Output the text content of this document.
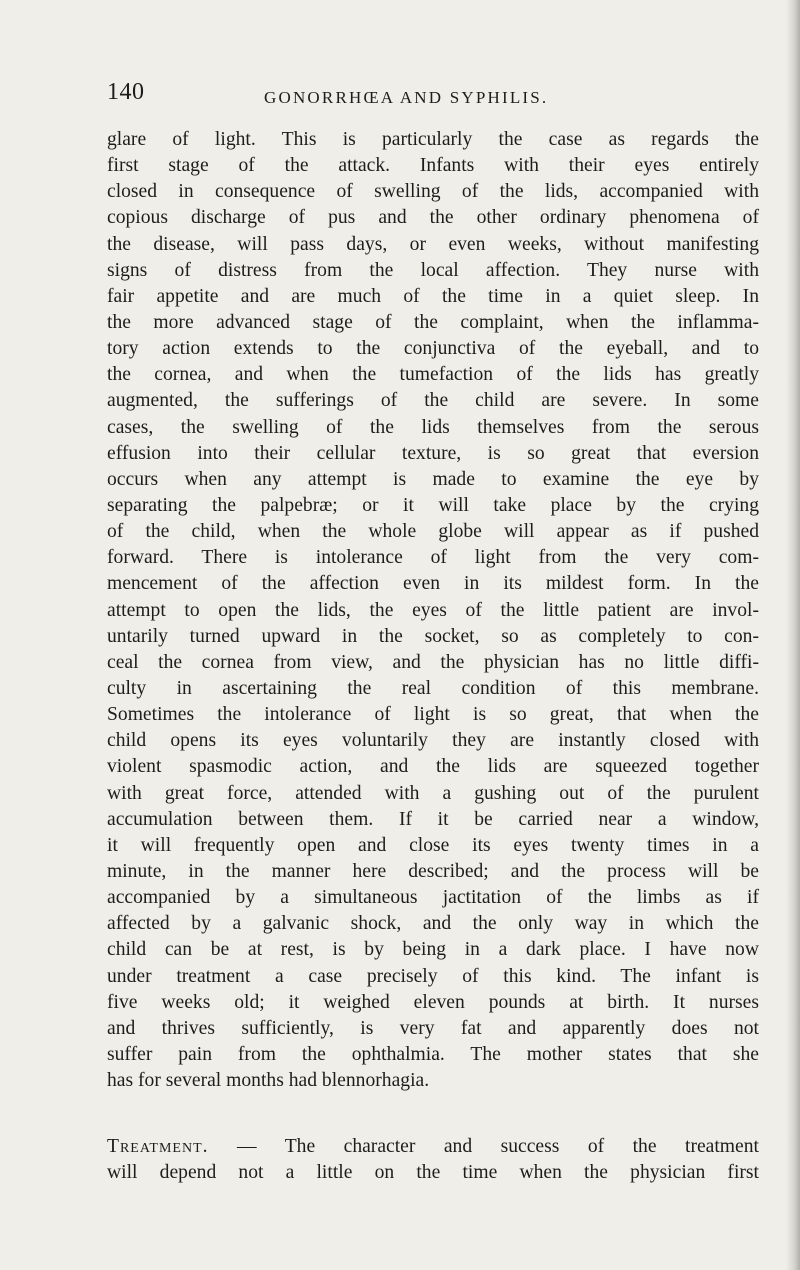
140	GONORRHŒA AND SYPHILIS.
glare of light. This is particularly the case as regards the
first stage of the attack. Infants with their eyes entirely
closed in consequence of swelling of the lids, accompanied with
copious discharge of pus and the other ordinary phenomena of
the disease, will pass days, or even weeks, without manifesting
signs of distress from the local affection. They nurse with
fair appetite and are much of the time in a quiet sleep. In
the more advanced stage of the complaint, when the inflamma-
tory action extends to the conjunctiva of the eyeball, and to
the cornea, and when the tumefaction of the lids has greatly
augmented, the sufferings of the child are severe. In some
cases, the swelling of the lids themselves from the serous
effusion into their cellular texture, is so great that eversion
occurs when any attempt is made to examine the eye by
separating the palpebræ; or it will take place by the crying
of the child, when the whole globe will appear as if pushed
forward. There is intolerance of light from the very com-
mencement of the affection even in its mildest form. In the
attempt to open the lids, the eyes of the little patient are invol-
untarily turned upward in the socket, so as completely to con-
ceal the cornea from view, and the physician has no little diffi-
culty in ascertaining the real condition of this membrane.
Sometimes the intolerance of light is so great, that when the
child opens its eyes voluntarily they are instantly closed with
violent spasmodic action, and the lids are squeezed together
with great force, attended with a gushing out of the purulent
accumulation between them. If it be carried near a window,
it will frequently open and close its eyes twenty times in a
minute, in the manner here described; and the process will be
accompanied by a simultaneous jactitation of the limbs as if
affected by a galvanic shock, and the only way in which the
child can be at rest, is by being in a dark place. I have now
under treatment a case precisely of this kind. The infant is
five weeks old; it weighed eleven pounds at birth. It nurses
and thrives sufficiently, is very fat and apparently does not
suffer pain from the ophthalmia. The mother states that she
has for several months had blennorhagia.
Treatment. — The character and success of the treatment
will depend not a little on the time when the physician first
